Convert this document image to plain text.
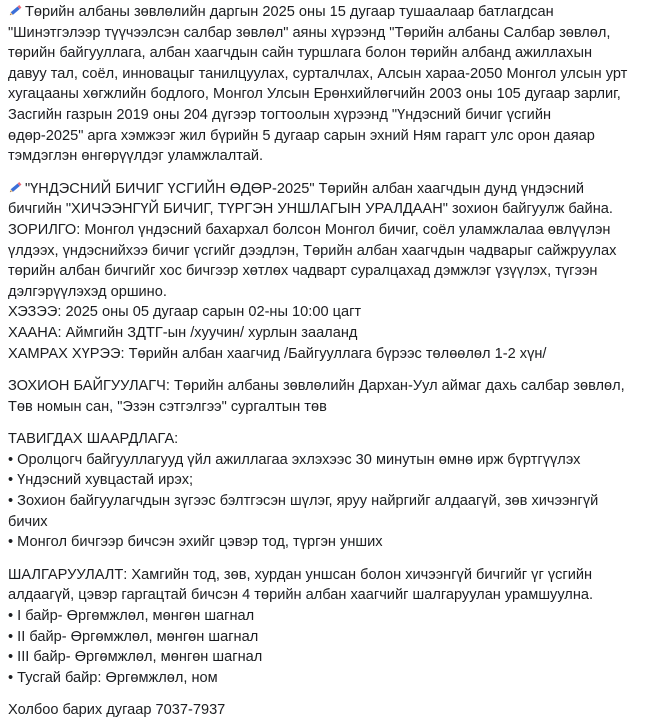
Төрийн албаны зөвлөлийн даргын 2025 оны 15 дугаар тушаалаар батлагдсан
"Шинэтгэлээр түүчээлсэн салбар зөвлөл" аяны хүрээнд "Төрийн албаны Салбар зөвлөл,
төрийн байгууллага, албан хаагчдын сайн туршлага болон төрийн албанд ажиллахын
давуу тал, соёл, инновацыг танилцуулах, сурталчлах, Алсын хараа-2050 Монгол улсын урт
хугацааны хөгжлийн бодлого, Монгол Улсын Ерөнхийлөгчийн 2003 оны 105 дугаар зарлиг,
Засгийн газрын 2019 оны 204 дүгээр тогтоолын хүрээнд "Үндэсний бичиг үсгийн
өдөр-2025" арга хэмжээг жил бүрийн 5 дугаар сарын эхний Ням гарагт улс орон даяар
тэмдэглэн өнгөрүүлдэг уламжлалтай.
"ҮНДЭСНИЙ БИЧИГ ҮСГИЙН ӨДӨР-2025" Төрийн албан хаагчдын дунд үндэсний
бичгийн "ХИЧЭЭНГҮЙ БИЧИГ, ТҮРГЭН УНШЛАГЫН УРАЛДААН" зохион байгуулж байна.
ЗОРИЛГО: Монгол үндэсний бахархал болсон Монгол бичиг, соёл уламжлалаа өвлүүлэн
үлдээх, үндэснийхээ бичиг үсгийг дээдлэн, Төрийн албан хаагчдын чадварыг сайжруулах
төрийн албан бичгийг хос бичгээр хөтлөх чадварт суралцахад дэмжлэг үзүүлэх, түгээн
дэлгэрүүлэхэд оршино.
ХЭЗЭЭ: 2025 оны 05 дугаар сарын 02-ны 10:00 цагт
ХААНА: Аймгийн ЗДТГ-ын /хуучин/ хурлын зааланд
ХАМРАХ ХҮРЭЭ: Төрийн албан хаагчид /Байгууллага бүрээс төлөөлөл 1-2 хүн/
ЗОХИОН БАЙГУУЛАГЧ: Төрийн албаны зөвлөлийн Дархан-Уул аймаг дахь салбар зөвлөл,
Төв номын сан, "Эзэн сэтгэлгээ" сургалтын төв
ТАВИГДАХ ШААРДЛАГА:
• Оролцогч байгууллагууд үйл ажиллагаа эхлэхээс 30 минутын өмнө ирж бүртгүүлэх
• Үндэсний хувцастай ирэх;
• Зохион байгуулагчдын зүгээс бэлтгэсэн шүлэг, яруу найргийг алдаагүй, зөв хичээнгүй
бичих
• Монгол бичгээр бичсэн эхийг цэвэр тод, түргэн унших
ШАЛГАРУУЛАЛТ: Хамгийн тод, зөв, хурдан уншсан болон хичээнгүй бичгийг үг үсгийн
алдаагүй, цэвэр гаргацтай бичсэн 4 төрийн албан хаагчийг шалгаруулан урамшуулна.
• I байр- Өргөмжлөл, мөнгөн шагнал
• II байр- Өргөмжлөл, мөнгөн шагнал
• III байр- Өргөмжлөл, мөнгөн шагнал
• Тусгай байр: Өргөмжлөл, ном
Холбоо барих дугаар 7037-7937
